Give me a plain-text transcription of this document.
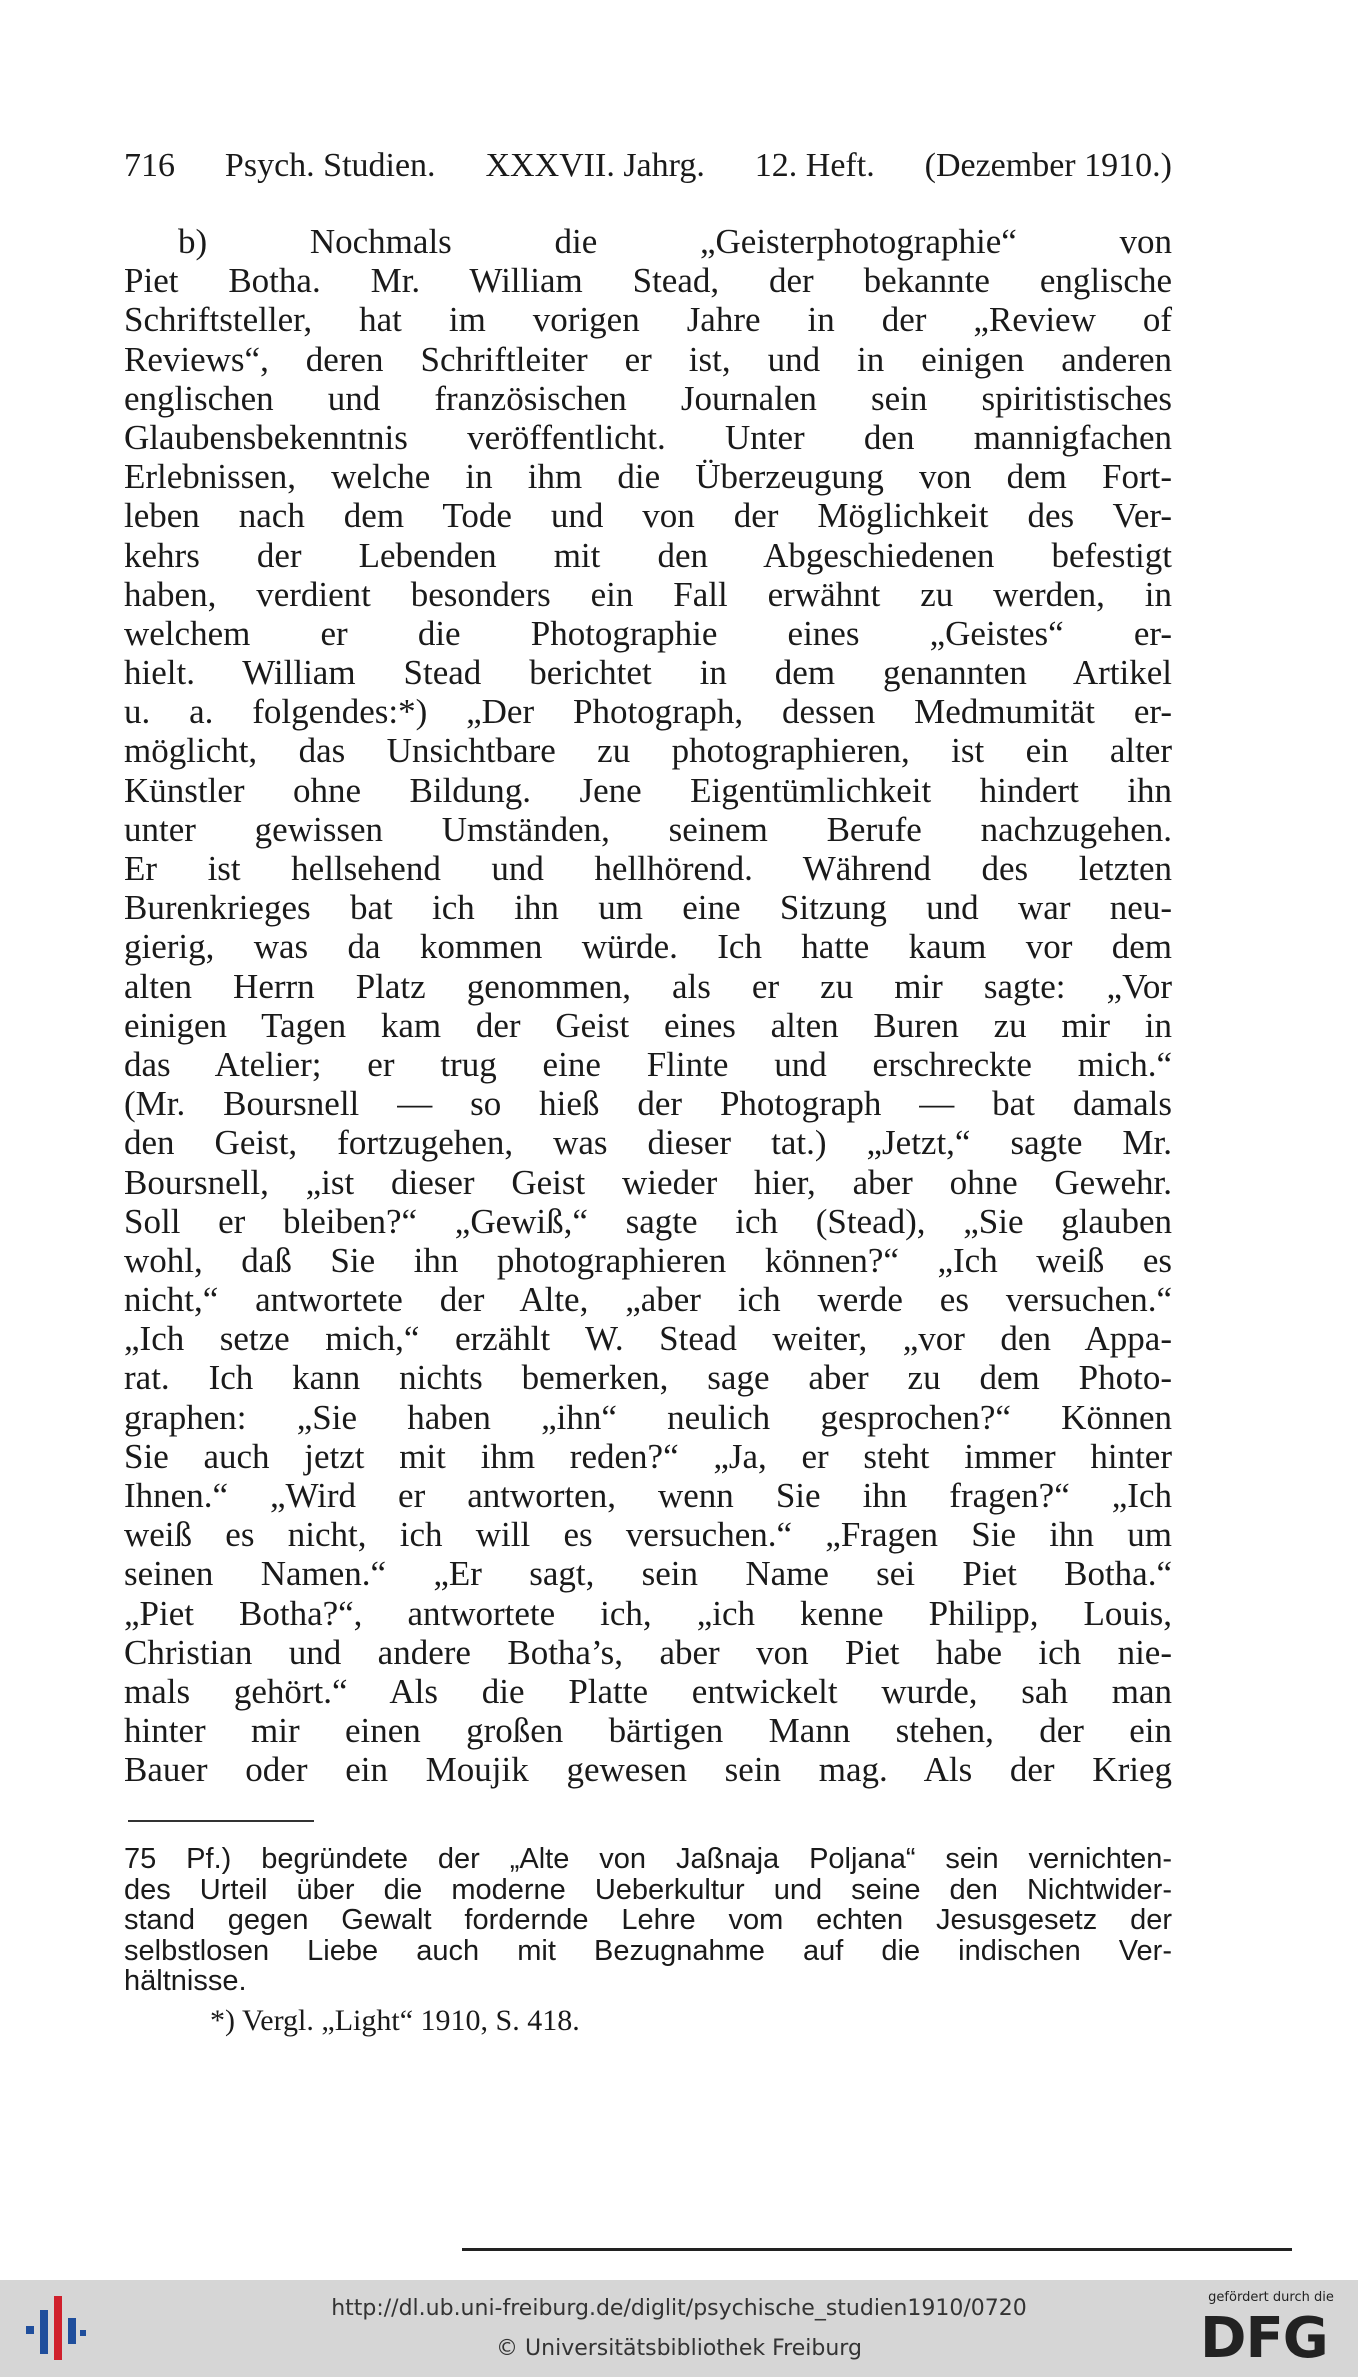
716 Psych. Studien. XXXVII. Jahrg. 12. Heft. (Dezember 1910.)
b) Nochmals die „Geisterphotographie“ von
Piet Botha. Mr. William Stead, der bekannte englische
Schriftsteller, hat im vorigen Jahre in der „Review of
Reviews“, deren Schriftleiter er ist, und in einigen anderen
englischen und französischen Journalen sein spiritistisches
Glaubensbekenntnis veröffentlicht. Unter den mannigfachen
Erlebnissen, welche in ihm die Überzeugung von dem Fort-
leben nach dem Tode und von der Möglichkeit des Ver-
kehrs der Lebenden mit den Abgeschiedenen befestigt
haben, verdient besonders ein Fall erwähnt zu werden, in
welchem er die Photographie eines „Geistes“ er-
hielt. William Stead berichtet in dem genannten Artikel
u. a. folgendes:*) „Der Photograph, dessen Medmumität er-
möglicht, das Unsichtbare zu photographieren, ist ein alter
Künstler ohne Bildung. Jene Eigentümlichkeit hindert ihn
unter gewissen Umständen, seinem Berufe nachzugehen.
Er ist hellsehend und hellhörend. Während des letzten
Burenkrieges bat ich ihn um eine Sitzung und war neu-
gierig, was da kommen würde. Ich hatte kaum vor dem
alten Herrn Platz genommen, als er zu mir sagte: „Vor
einigen Tagen kam der Geist eines alten Buren zu mir in
das Atelier; er trug eine Flinte und erschreckte mich.“
(Mr. Boursnell — so hieß der Photograph — bat damals
den Geist, fortzugehen, was dieser tat.) „Jetzt,“ sagte Mr.
Boursnell, „ist dieser Geist wieder hier, aber ohne Gewehr.
Soll er bleiben?“ „Gewiß,“ sagte ich (Stead), „Sie glauben
wohl, daß Sie ihn photographieren können?“ „Ich weiß es
nicht,“ antwortete der Alte, „aber ich werde es versuchen.“
„Ich setze mich,“ erzählt W. Stead weiter, „vor den Appa-
rat. Ich kann nichts bemerken, sage aber zu dem Photo-
graphen: „Sie haben „ihn“ neulich gesprochen?“ Können
Sie auch jetzt mit ihm reden?“ „Ja, er steht immer hinter
Ihnen.“ „Wird er antworten, wenn Sie ihn fragen?“ „Ich
weiß es nicht, ich will es versuchen.“ „Fragen Sie ihn um
seinen Namen.“ „Er sagt, sein Name sei Piet Botha.“
„Piet Botha?“, antwortete ich, „ich kenne Philipp, Louis,
Christian und andere Botha’s, aber von Piet habe ich nie-
mals gehört.“ Als die Platte entwickelt wurde, sah man
hinter mir einen großen bärtigen Mann stehen, der ein
Bauer oder ein Moujik gewesen sein mag. Als der Krieg
75 Pf.) begründete der „Alte von Jaßnaja Poljana“ sein vernichten-
des Urteil über die moderne Ueberkultur und seine den Nichtwider-
stand gegen Gewalt fordernde Lehre vom echten Jesusgesetz der
selbstlosen Liebe auch mit Bezugnahme auf die indischen Ver-
hältnisse.
*) Vergl. „Light“ 1910, S. 418.
http://dl.ub.uni-freiburg.de/diglit/psychische_studien1910/0720
© Universitätsbibliothek Freiburg
gefördert durch die
DFG
